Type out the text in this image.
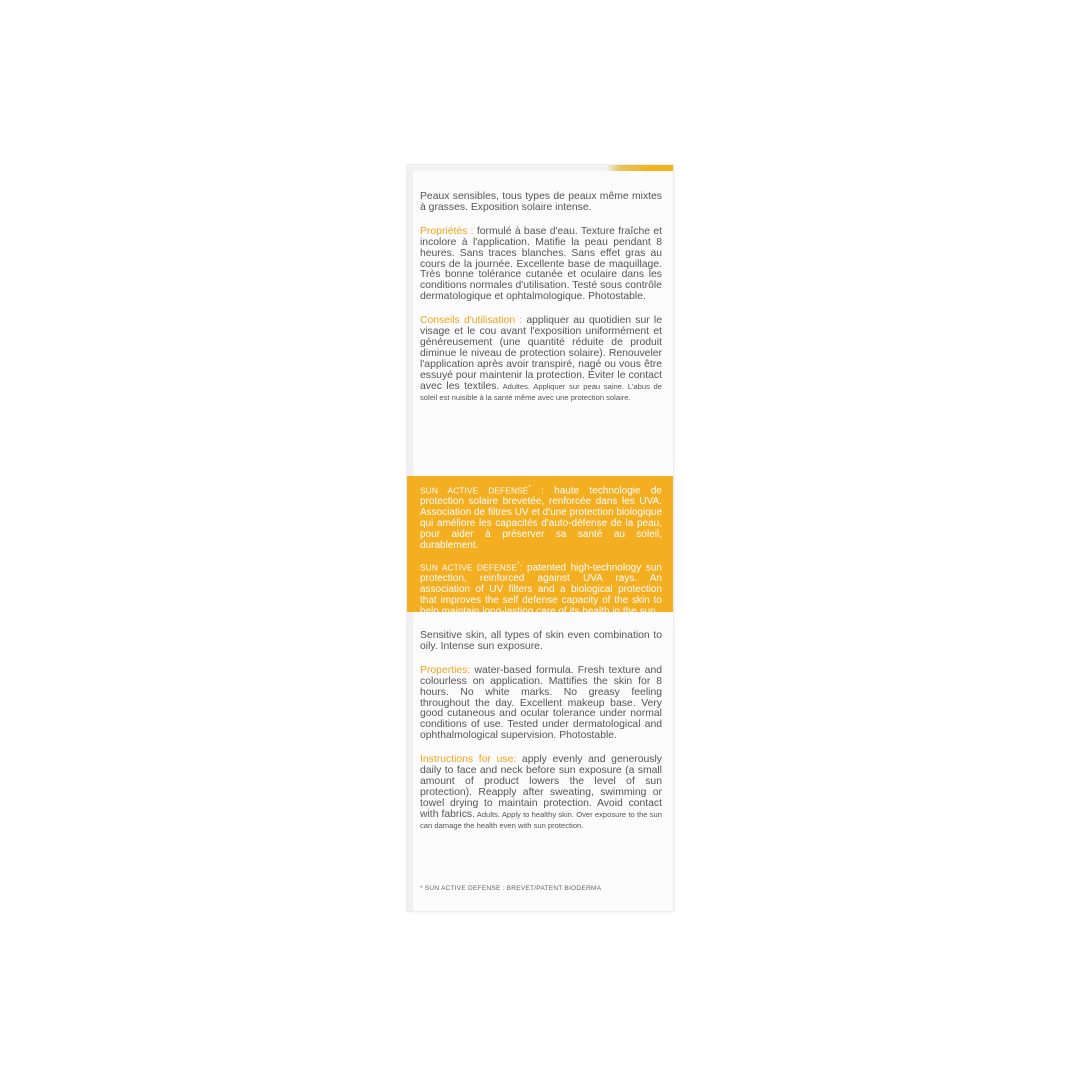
Peaux sensibles, tous types de peaux même mixtes à grasses. Exposition solaire intense.

Propriétés : formulé à base d'eau. Texture fraîche et incolore à l'application. Matifie la peau pendant 8 heures. Sans traces blanches. Sans effet gras au cours de la journée. Excellente base de maquillage. Très bonne tolérance cutanée et oculaire dans les conditions normales d'utilisation. Testé sous contrôle dermatologique et ophtalmologique. Photostable.

Conseils d'utilisation : appliquer au quotidien sur le visage et le cou avant l'exposition uniformément et généreusement (une quantité réduite de produit diminue le niveau de protection solaire). Renouveler l'application après avoir transpiré, nagé ou vous être essuyé pour maintenir la protection. Éviter le contact avec les textiles. Adultes. Appliquer sur peau saine. L'abus de soleil est nuisible à la santé même avec une protection solaire.

SUN ACTIVE DEFENSE* : haute technologie de protection solaire brevetée, renforcée dans les UVA. Association de filtres UV et d'une protection biologique qui améliore les capacités d'auto-défense de la peau, pour aider à préserver sa santé au soleil, durablement.

SUN ACTIVE DEFENSE*: patented high-technology sun protection, reinforced against UVA rays. An association of UV filters and a biological protection that improves the self defense capacity of the skin to help maintain long-lasting care of its health in the sun.

Sensitive skin, all types of skin even combination to oily. Intense sun exposure.

Properties: water-based formula. Fresh texture and colourless on application. Mattifies the skin for 8 hours. No white marks. No greasy feeling throughout the day. Excellent makeup base. Very good cutaneous and ocular tolerance under normal conditions of use. Tested under dermatological and ophthalmological supervision. Photostable.

Instructions for use: apply evenly and generously daily to face and neck before sun exposure (a small amount of product lowers the level of sun protection). Reapply after sweating, swimming or towel drying to maintain protection. Avoid contact with fabrics. Adults. Apply to healthy skin. Over exposure to the sun can damage the health even with sun protection.

* SUN ACTIVE DEFENSE : BREVET/PATENT BIODERMA
